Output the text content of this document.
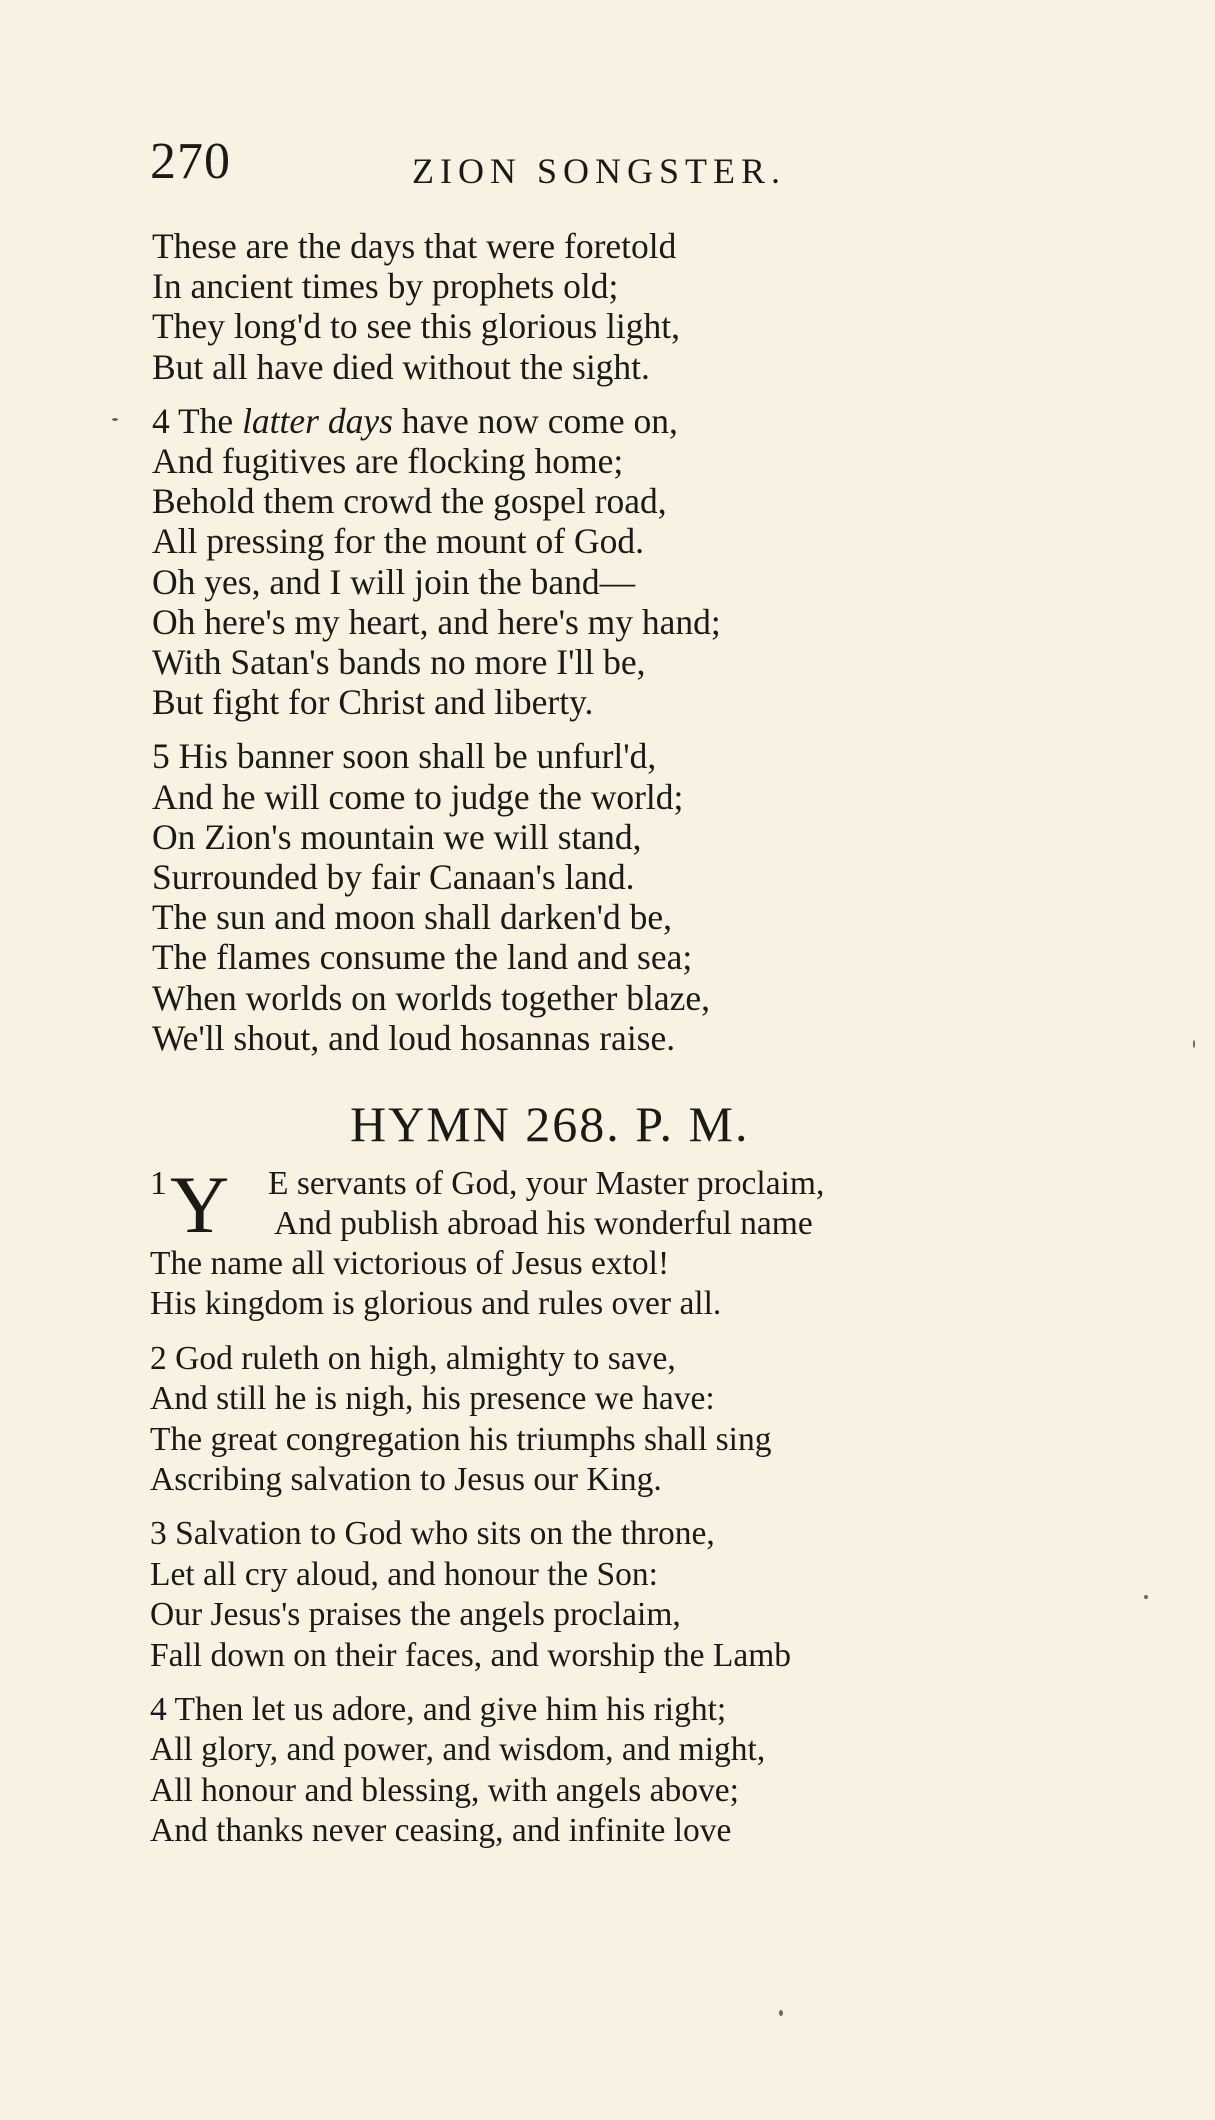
270	ZION SONGSTER.
These are the days that were foretold
In ancient times by prophets old;
They long'd to see this glorious light,
But all have died without the sight.
4 The latter days have now come on,
And fugitives are flocking home;
Behold them crowd the gospel road,
All pressing for the mount of God.
Oh yes, and I will join the band—
Oh here's my heart, and here's my hand;
With Satan's bands no more I'll be,
But fight for Christ and liberty.
5 His banner soon shall be unfurl'd,
And he will come to judge the world;
On Zion's mountain we will stand,
Surrounded by fair Canaan's land.
The sun and moon shall darken'd be,
The flames consume the land and sea;
When worlds on worlds together blaze,
We'll shout, and loud hosannas raise.
HYMN 268. P. M.
1 Y E servants of God, your Master proclaim,
And publish abroad his wonderful name
The name all victorious of Jesus extol!
His kingdom is glorious and rules over all.
2 God ruleth on high, almighty to save,
And still he is nigh, his presence we have:
The great congregation his triumphs shall sing
Ascribing salvation to Jesus our King.
3 Salvation to God who sits on the throne,
Let all cry aloud, and honour the Son:
Our Jesus's praises the angels proclaim,
Fall down on their faces, and worship the Lamb
4 Then let us adore, and give him his right;
All glory, and power, and wisdom, and might,
All honour and blessing, with angels above;
And thanks never ceasing, and infinite love
